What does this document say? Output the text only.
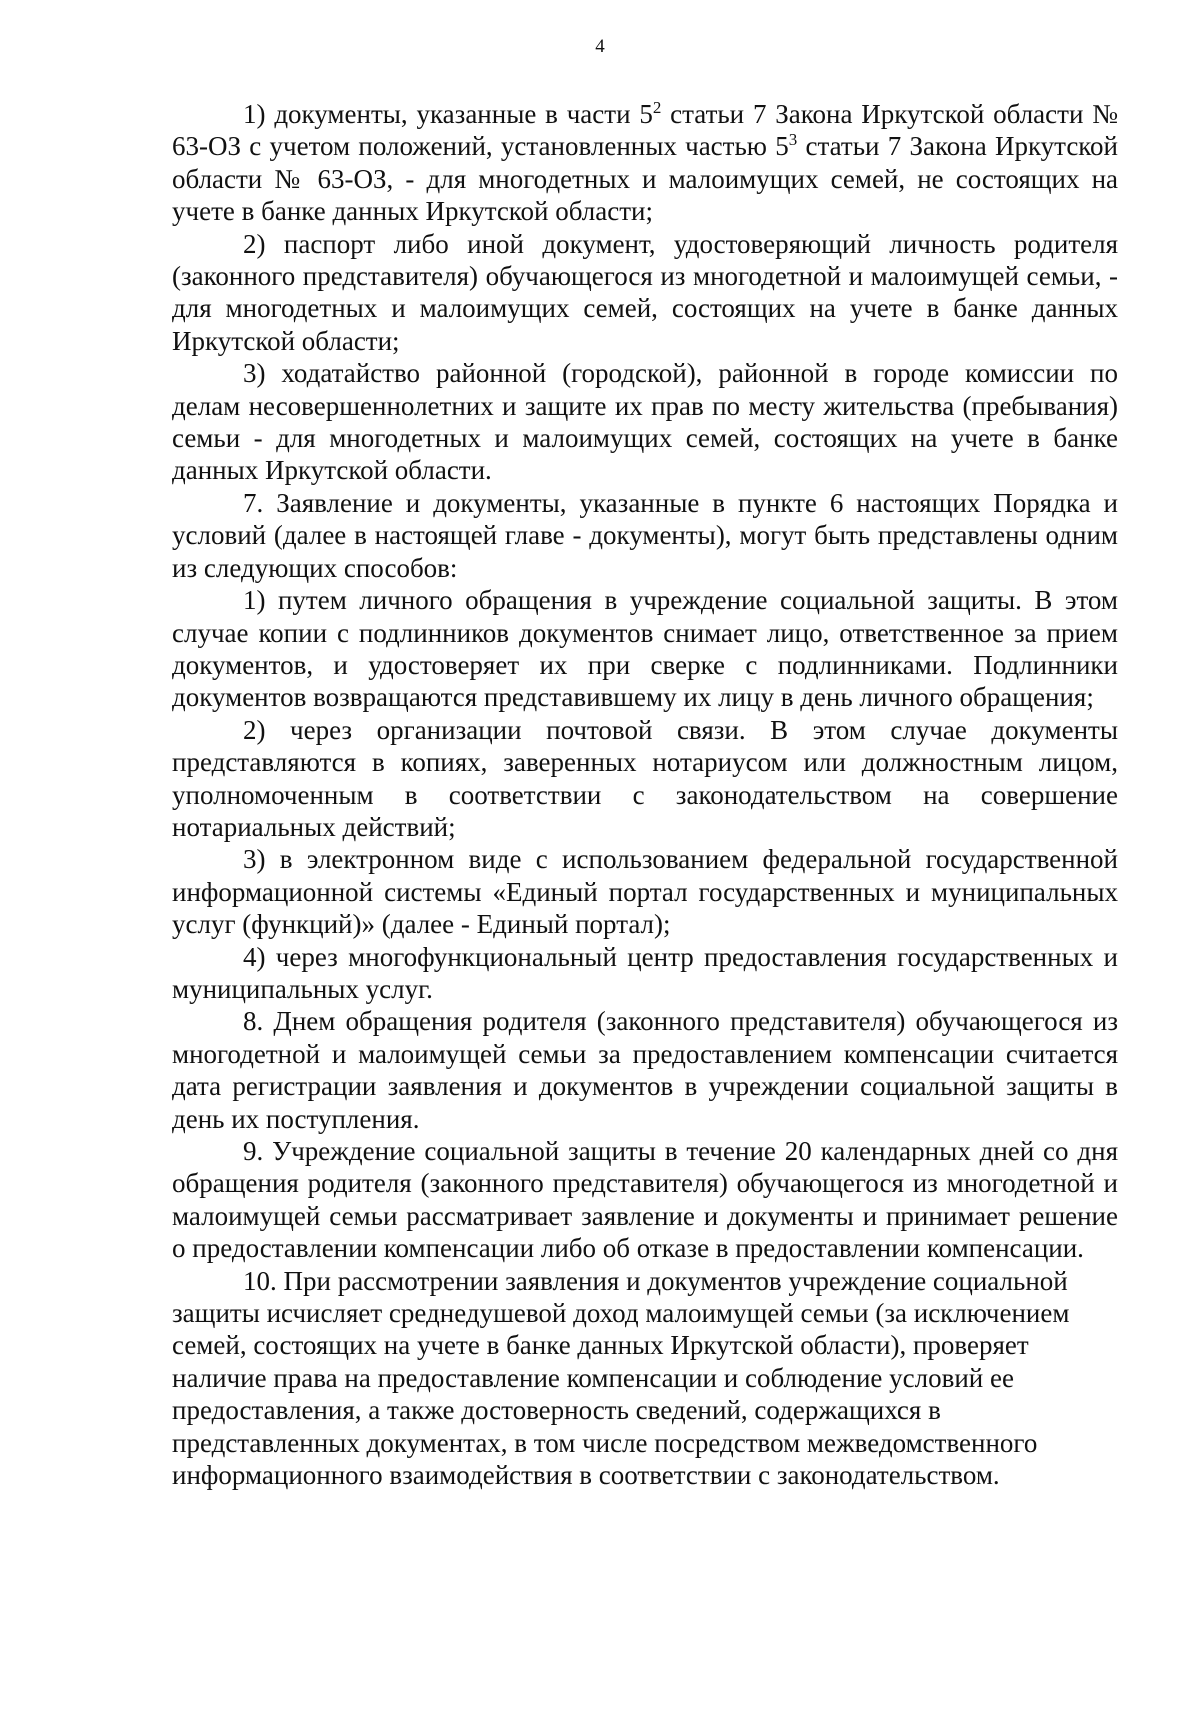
4

1) документы, указанные в части $5^2$ статьи 7 Закона Иркутской области № 63-ОЗ с учетом положений, установленных частью $5^3$ статьи 7 Закона Иркутской области № 63-ОЗ, - для многодетных и малоимущих семей, не состоящих на учете в банке данных Иркутской области;

2) паспорт либо иной документ, удостоверяющий личность родителя (законного представителя) обучающегося из многодетной и малоимущей семьи, - для многодетных и малоимущих семей, состоящих на учете в банке данных Иркутской области;

3) ходатайство районной (городской), районной в городе комиссии по делам несовершеннолетних и защите их прав по месту жительства (пребывания) семьи - для многодетных и малоимущих семей, состоящих на учете в банке данных Иркутской области.

7. Заявление и документы, указанные в пункте 6 настоящих Порядка и условий (далее в настоящей главе - документы), могут быть представлены одним из следующих способов:

1) путем личного обращения в учреждение социальной защиты. В этом случае копии с подлинников документов снимает лицо, ответственное за прием документов, и удостоверяет их при сверке с подлинниками. Подлинники документов возвращаются представившему их лицу в день личного обращения;

2) через организации почтовой связи. В этом случае документы представляются в копиях, заверенных нотариусом или должностным лицом, уполномоченным в соответствии с законодательством на совершение нотариальных действий;

3) в электронном виде с использованием федеральной государственной информационной системы «Единый портал государственных и муниципальных услуг (функций)» (далее - Единый портал);

4) через многофункциональный центр предоставления государственных и муниципальных услуг.

8. Днем обращения родителя (законного представителя) обучающегося из многодетной и малоимущей семьи за предоставлением компенсации считается дата регистрации заявления и документов в учреждении социальной защиты в день их поступления.

9. Учреждение социальной защиты в течение 20 календарных дней со дня обращения родителя (законного представителя) обучающегося из многодетной и малоимущей семьи рассматривает заявление и документы и принимает решение о предоставлении компенсации либо об отказе в предоставлении компенсации.

10. При рассмотрении заявления и документов учреждение социальной защиты исчисляет среднедушевой доход малоимущей семьи (за исключением семей, состоящих на учете в банке данных Иркутской области), проверяет наличие права на предоставление компенсации и соблюдение условий ее предоставления, а также достоверность сведений, содержащихся в представленных документах, в том числе посредством межведомственного информационного взаимодействия в соответствии с законодательством.
